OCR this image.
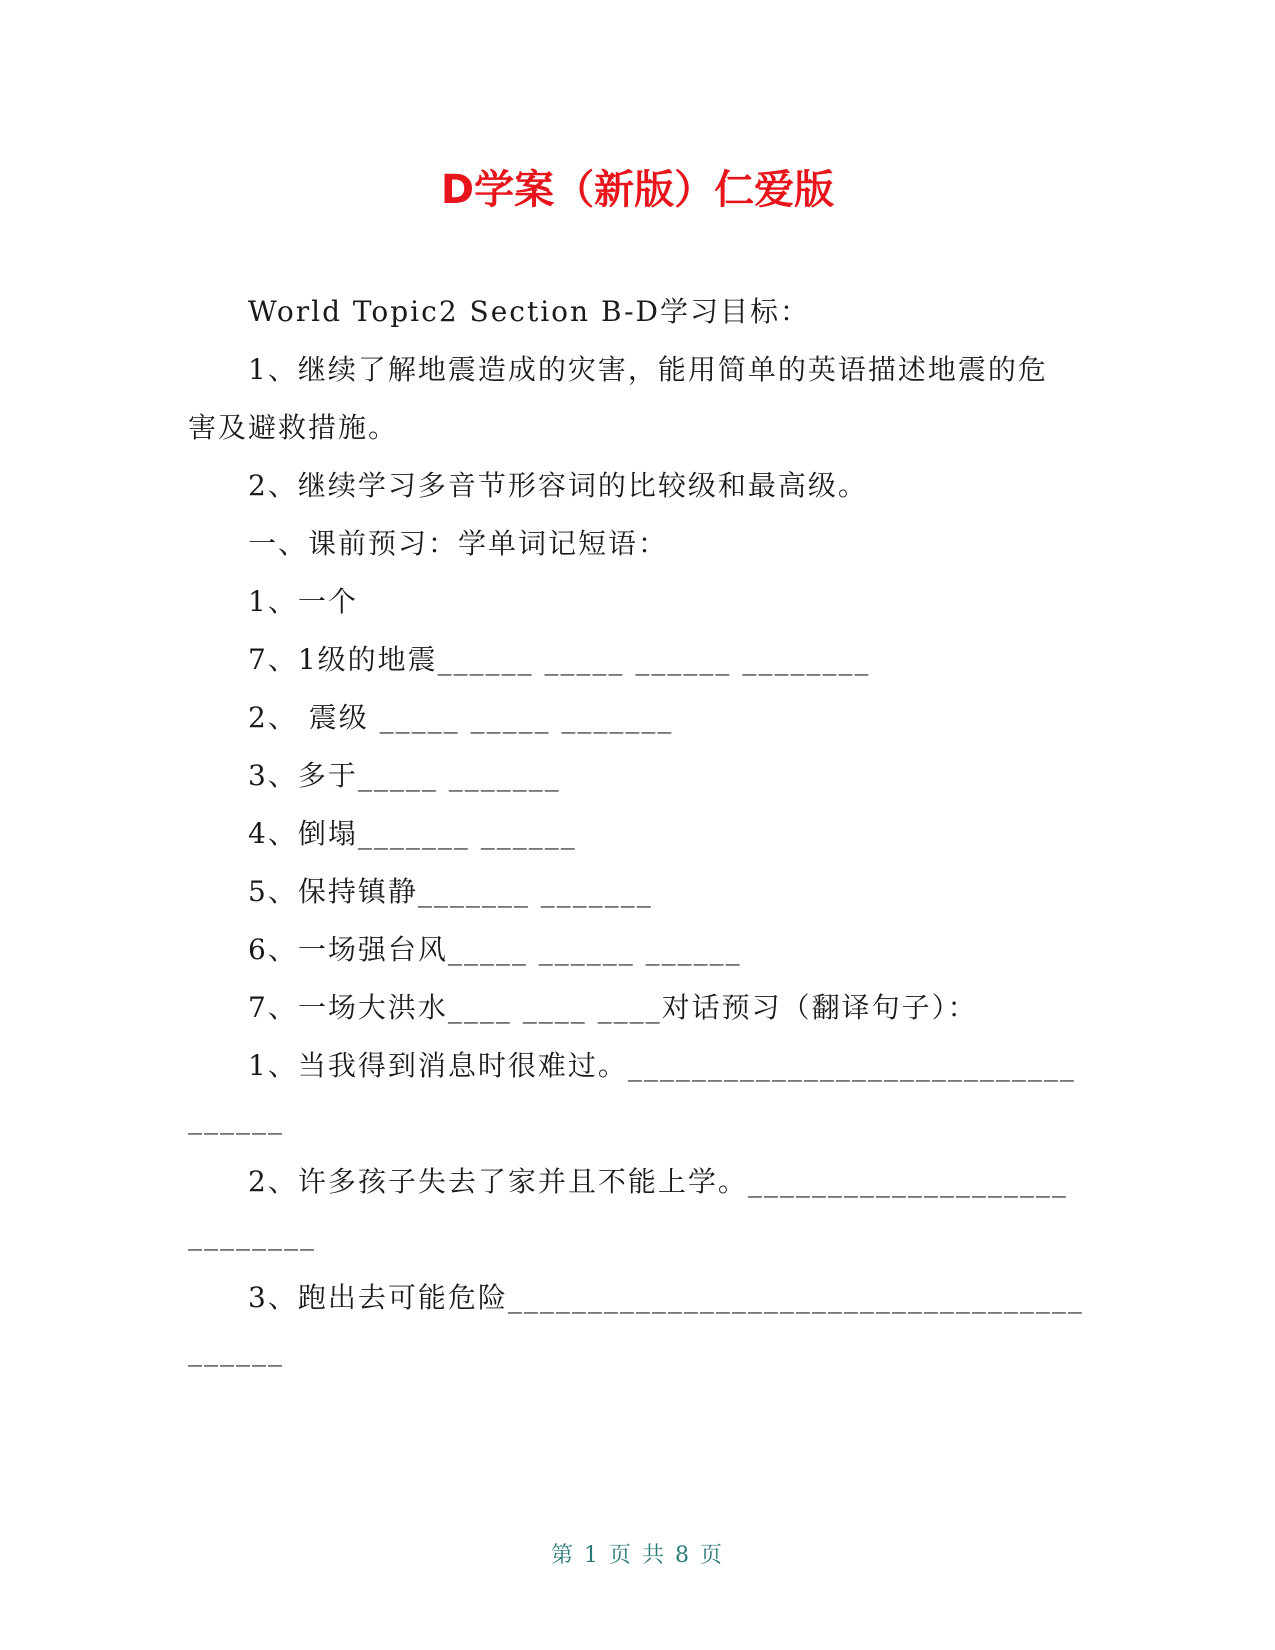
D学案（新版）仁爱版
World Topic2 Section B-D学习目标：
1、继续了解地震造成的灾害，能用简单的英语描述地震的危
害及避救措施。
2、继续学习多音节形容词的比较级和最高级。
一、课前预习：学单词记短语：
1、一个
7、1级的地震______ _____ ______ ________
2、 震级 _____ _____ _______
3、多于_____ _______
4、倒塌_______ ______
5、保持镇静_______ _______
6、一场强台风_____ ______ ______
7、一场大洪水____ ____ ____对话预习（翻译句子）：
1、当我得到消息时很难过。____________________________
______
2、许多孩子失去了家并且不能上学。____________________
________
3、跑出去可能危险____________________________________
______
第 1 页 共 8 页
